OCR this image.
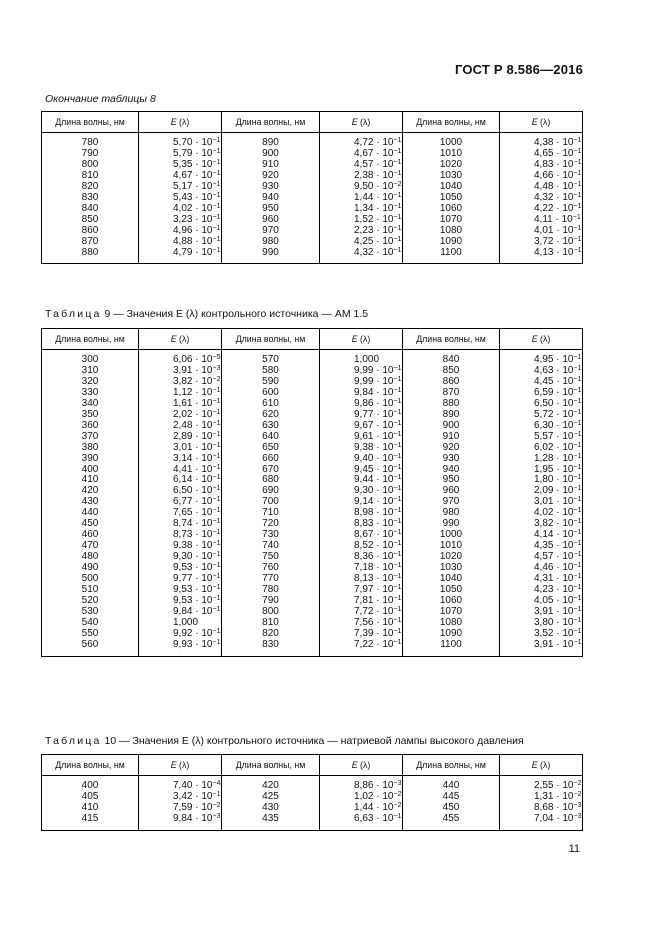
ГОСТ Р 8.586—2016
Окончание таблицы 8
Длина волны, нм	E (λ)	Длина волны, нм	E (λ)	Длина волны, нм	E (λ)
780	$5,70 \cdot 10^{-1}$	890	$4,72 \cdot 10^{-1}$	1000	$4,38 \cdot 10^{-1}$
790	$5,79 \cdot 10^{-1}$	900	$4,67 \cdot 10^{-1}$	1010	$4,65 \cdot 10^{-1}$
800	$5,35 \cdot 10^{-1}$	910	$4,57 \cdot 10^{-1}$	1020	$4,83 \cdot 10^{-1}$
810	$4,67 \cdot 10^{-1}$	920	$2,38 \cdot 10^{-1}$	1030	$4,66 \cdot 10^{-1}$
820	$5,17 \cdot 10^{-1}$	930	$9,50 \cdot 10^{-2}$	1040	$4,48 \cdot 10^{-1}$
830	$5,43 \cdot 10^{-1}$	940	$1,44 \cdot 10^{-1}$	1050	$4,32 \cdot 10^{-1}$
840	$4,02 \cdot 10^{-1}$	950	$1,34 \cdot 10^{-1}$	1060	$4,22 \cdot 10^{-1}$
850	$3,23 \cdot 10^{-1}$	960	$1,52 \cdot 10^{-1}$	1070	$4,11 \cdot 10^{-1}$
860	$4,96 \cdot 10^{-1}$	970	$2,23 \cdot 10^{-1}$	1080	$4,01 \cdot 10^{-1}$
870	$4,88 \cdot 10^{-1}$	980	$4,25 \cdot 10^{-1}$	1090	$3,72 \cdot 10^{-1}$
880	$4,79 \cdot 10^{-1}$	990	$4,32 \cdot 10^{-1}$	1100	$4,13 \cdot 10^{-1}$
Таблица 9 — Значения E (λ) контрольного источника — АМ 1.5
Длина волны, нм	E (λ)	Длина волны, нм	E (λ)	Длина волны, нм	E (λ)
300	$6,06 \cdot 10^{-5}$	570	1,000	840	$4,95 \cdot 10^{-1}$
310	$3,91 \cdot 10^{-3}$	580	$9,99 \cdot 10^{-1}$	850	$4,63 \cdot 10^{-1}$
320	$3,82 \cdot 10^{-2}$	590	$9,99 \cdot 10^{-1}$	860	$4,45 \cdot 10^{-1}$
330	$1,12 \cdot 10^{-1}$	600	$9,84 \cdot 10^{-1}$	870	$6,59 \cdot 10^{-1}$
340	$1,61 \cdot 10^{-1}$	610	$9,86 \cdot 10^{-1}$	880	$6,50 \cdot 10^{-1}$
350	$2,02 \cdot 10^{-1}$	620	$9,77 \cdot 10^{-1}$	890	$5,72 \cdot 10^{-1}$
360	$2,48 \cdot 10^{-1}$	630	$9,67 \cdot 10^{-1}$	900	$6,30 \cdot 10^{-1}$
370	$2,89 \cdot 10^{-1}$	640	$9,61 \cdot 10^{-1}$	910	$5,57 \cdot 10^{-1}$
380	$3,01 \cdot 10^{-1}$	650	$9,38 \cdot 10^{-1}$	920	$6,02 \cdot 10^{-1}$
390	$3,14 \cdot 10^{-1}$	660	$9,40 \cdot 10^{-1}$	930	$1,28 \cdot 10^{-1}$
400	$4,41 \cdot 10^{-1}$	670	$9,45 \cdot 10^{-1}$	940	$1,95 \cdot 10^{-1}$
410	$6,14 \cdot 10^{-1}$	680	$9,44 \cdot 10^{-1}$	950	$1,80 \cdot 10^{-1}$
420	$6,50 \cdot 10^{-1}$	690	$9,30 \cdot 10^{-1}$	960	$2,09 \cdot 10^{-1}$
430	$6,77 \cdot 10^{-1}$	700	$9,14 \cdot 10^{-1}$	970	$3,01 \cdot 10^{-1}$
440	$7,65 \cdot 10^{-1}$	710	$8,98 \cdot 10^{-1}$	980	$4,02 \cdot 10^{-1}$
450	$8,74 \cdot 10^{-1}$	720	$8,83 \cdot 10^{-1}$	990	$3,82 \cdot 10^{-1}$
460	$8,73 \cdot 10^{-1}$	730	$8,67 \cdot 10^{-1}$	1000	$4,14 \cdot 10^{-1}$
470	$9,38 \cdot 10^{-1}$	740	$8,52 \cdot 10^{-1}$	1010	$4,35 \cdot 10^{-1}$
480	$9,30 \cdot 10^{-1}$	750	$8,36 \cdot 10^{-1}$	1020	$4,57 \cdot 10^{-1}$
490	$9,53 \cdot 10^{-1}$	760	$7,18 \cdot 10^{-1}$	1030	$4,46 \cdot 10^{-1}$
500	$9,77 \cdot 10^{-1}$	770	$8,13 \cdot 10^{-1}$	1040	$4,31 \cdot 10^{-1}$
510	$9,53 \cdot 10^{-1}$	780	$7,97 \cdot 10^{-1}$	1050	$4,23 \cdot 10^{-1}$
520	$9,53 \cdot 10^{-1}$	790	$7,81 \cdot 10^{-1}$	1060	$4,05 \cdot 10^{-1}$
530	$9,84 \cdot 10^{-1}$	800	$7,72 \cdot 10^{-1}$	1070	$3,91 \cdot 10^{-1}$
540	1,000	810	$7,56 \cdot 10^{-1}$	1080	$3,80 \cdot 10^{-1}$
550	$9,92 \cdot 10^{-1}$	820	$7,39 \cdot 10^{-1}$	1090	$3,52 \cdot 10^{-1}$
560	$9,93 \cdot 10^{-1}$	830	$7,22 \cdot 10^{-1}$	1100	$3,91 \cdot 10^{-1}$
Таблица 10 — Значения E (λ) контрольного источника — натриевой лампы высокого давления
Длина волны, нм	E (λ)	Длина волны, нм	E (λ)	Длина волны, нм	E (λ)
400	$7,40 \cdot 10^{-4}$	420	$8,86 \cdot 10^{-3}$	440	$2,55 \cdot 10^{-2}$
405	$3,42 \cdot 10^{-1}$	425	$1,02 \cdot 10^{-2}$	445	$1,31 \cdot 10^{-2}$
410	$7,59 \cdot 10^{-2}$	430	$1,44 \cdot 10^{-2}$	450	$8,68 \cdot 10^{-3}$
415	$9,84 \cdot 10^{-3}$	435	$6,63 \cdot 10^{-1}$	455	$7,04 \cdot 10^{-3}$
11
